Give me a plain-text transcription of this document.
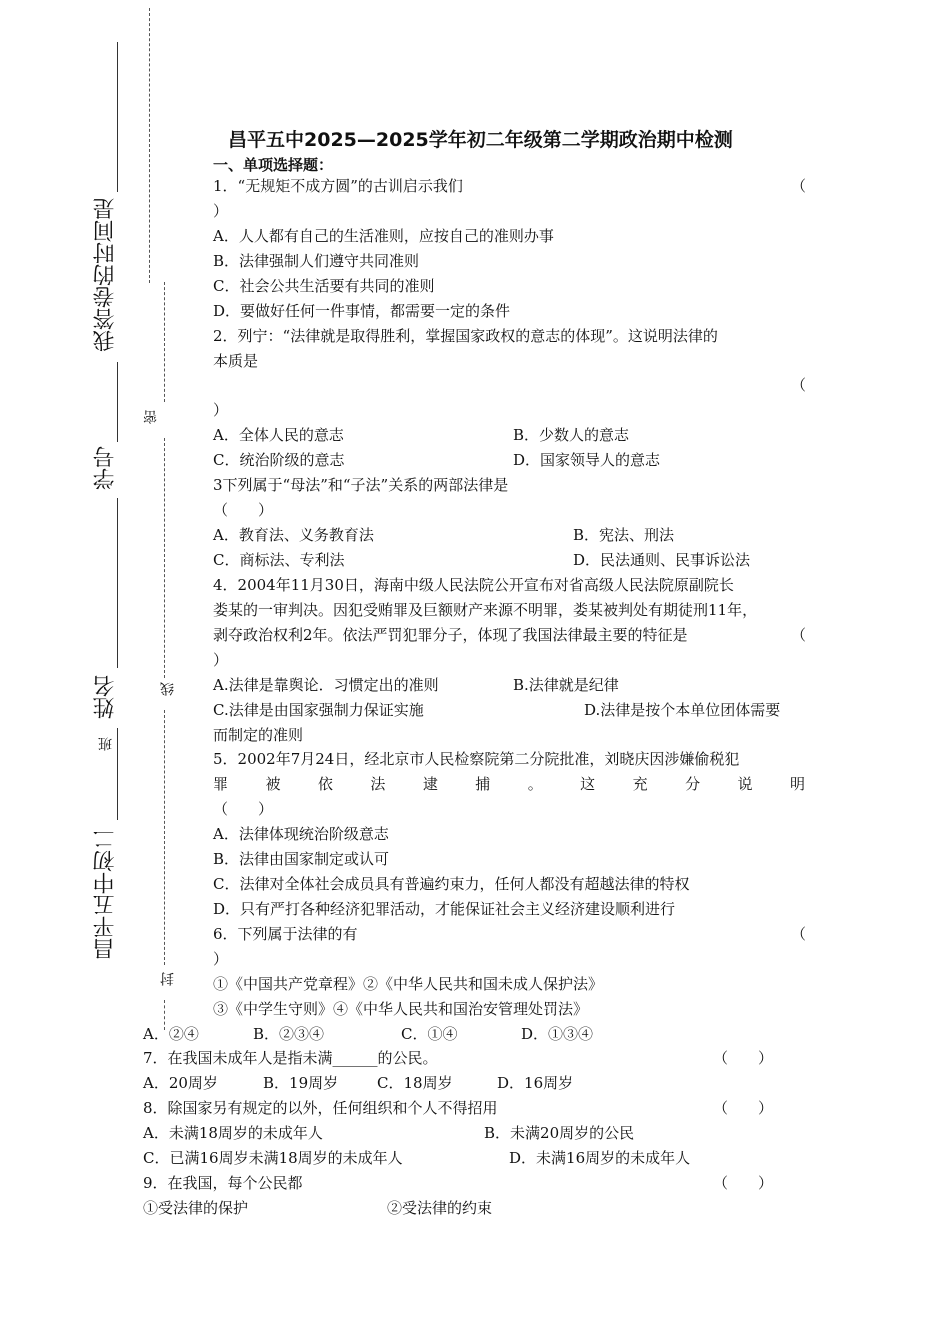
我答卷的时间是
学号
姓名
班
昌平五中初二
密
线
封
昌平五中2025—2025学年初二年级第二学期政治期中检测
一、单项选择题：
1．“无规矩不成方圆”的古训启示我们	（
）
A．人人都有自己的生活准则，应按自己的准则办事
B．法律强制人们遵守共同准则
C．社会公共生活要有共同的准则
D．要做好任何一件事情，都需要一定的条件
2．列宁：“法律就是取得胜利，掌握国家政权的意志的体现”。这说明法律的
本质是
（
）
A．全体人民的意志	B．少数人的意志
C．统治阶级的意志	D．国家领导人的意志
3下列属于“母法”和“子法”关系的两部法律是
（　　）
A．教育法、义务教育法	B．宪法、刑法
C．商标法、专利法	D．民法通则、民事诉讼法
4．2004年11月30日，海南中级人民法院公开宣布对省高级人民法院原副院长
娄某的一审判决。因犯受贿罪及巨额财产来源不明罪，娄某被判处有期徒刑11年，
剥夺政治权利2年。依法严罚犯罪分子，体现了我国法律最主要的特征是	（
）
A.法律是靠舆论．习惯定出的准则	B.法律就是纪律
C.法律是由国家强制力保证实施	D.法律是按个本单位团体需要
而制定的准则
5．2002年7月24日，经北京市人民检察院第二分院批准，刘晓庆因涉嫌偷税犯
罪 被 依 法 逮 捕 。 这 充 分 说 明
（　　）
A．法律体现统治阶级意志
B．法律由国家制定或认可
C．法律对全体社会成员具有普遍约束力，任何人都没有超越法律的特权
D．只有严打各种经济犯罪活动，才能保证社会主义经济建设顺利进行
6．下列属于法律的有	（
）
①《中国共产党章程》②《中华人民共和国未成人保护法》
③《中学生守则》④《中华人民共和国治安管理处罚法》
A．②④	B．②③④	C．①④	D．①③④
7．在我国未成年人是指未满______的公民。	（　　）
A．20周岁	B．19周岁	C．18周岁	D．16周岁
8．除国家另有规定的以外，任何组织和个人不得招用	（　　）
A．未满18周岁的未成年人	B．未满20周岁的公民
C．已满16周岁未满18周岁的未成年人	D．未满16周岁的未成年人
9．在我国，每个公民都	（　　）
①受法律的保护	②受法律的约束
